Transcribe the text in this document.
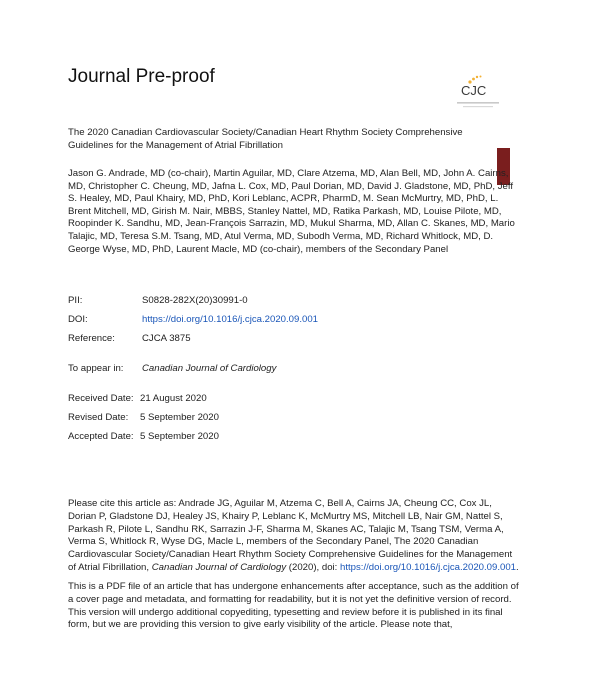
Journal Pre-proof
CJC
The 2020 Canadian Cardiovascular Society/Canadian Heart Rhythm Society Comprehensive Guidelines for the Management of Atrial Fibrillation
Jason G. Andrade, MD (co-chair), Martin Aguilar, MD, Clare Atzema, MD, Alan Bell, MD, John A. Cairns, MD, Christopher C. Cheung, MD, Jafna L. Cox, MD, Paul Dorian, MD, David J. Gladstone, MD, PhD, Jeff S. Healey, MD, Paul Khairy, MD, PhD, Kori Leblanc, ACPR, PharmD, M. Sean McMurtry, MD, PhD, L. Brent Mitchell, MD, Girish M. Nair, MBBS, Stanley Nattel, MD, Ratika Parkash, MD, Louise Pilote, MD, Roopinder K. Sandhu, MD, Jean-François Sarrazin, MD, Mukul Sharma, MD, Allan C. Skanes, MD, Mario Talajic, MD, Teresa S.M. Tsang, MD, Atul Verma, MD, Subodh Verma, MD, Richard Whitlock, MD, D. George Wyse, MD, PhD, Laurent Macle, MD (co-chair), members of the Secondary Panel
PII:	S0828-282X(20)30991-0
DOI:	https://doi.org/10.1016/j.cjca.2020.09.001
Reference:	CJCA 3875
To appear in: Canadian Journal of Cardiology
Received Date: 21 August 2020
Revised Date: 5 September 2020
Accepted Date: 5 September 2020
Please cite this article as: Andrade JG, Aguilar M, Atzema C, Bell A, Cairns JA, Cheung CC, Cox JL, Dorian P, Gladstone DJ, Healey JS, Khairy P, Leblanc K, McMurtry MS, Mitchell LB, Nair GM, Nattel S, Parkash R, Pilote L, Sandhu RK, Sarrazin J-F, Sharma M, Skanes AC, Talajic M, Tsang TSM, Verma A, Verma S, Whitlock R, Wyse DG, Macle L, members of the Secondary Panel, The 2020 Canadian Cardiovascular Society/Canadian Heart Rhythm Society Comprehensive Guidelines for the Management of Atrial Fibrillation, Canadian Journal of Cardiology (2020), doi: https://doi.org/10.1016/j.cjca.2020.09.001.
This is a PDF file of an article that has undergone enhancements after acceptance, such as the addition of a cover page and metadata, and formatting for readability, but it is not yet the definitive version of record. This version will undergo additional copyediting, typesetting and review before it is published in its final form, but we are providing this version to give early visibility of the article. Please note that,
